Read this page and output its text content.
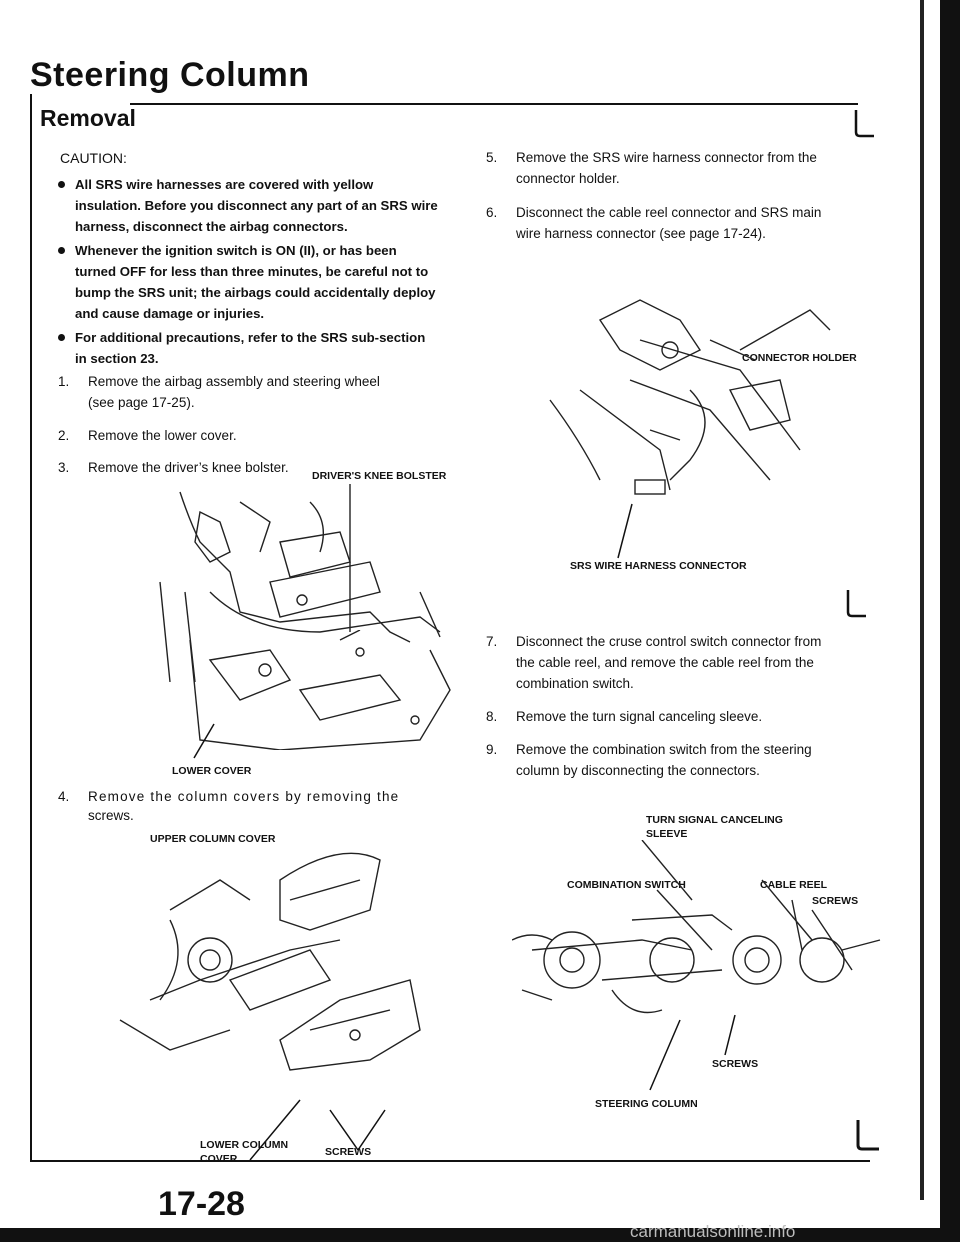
Steering Column
Removal
CAUTION:
All SRS wire harnesses are covered with yellow insulation. Before you disconnect any part of an SRS wire harness, disconnect the airbag connectors.
Whenever the ignition switch is ON (II), or has been turned OFF for less than three minutes, be careful not to bump the SRS unit; the airbags could accidentally deploy and cause damage or injuries.
For additional precautions, refer to the SRS sub-section in section 23.
1. Remove the airbag assembly and steering wheel
(see page 17-25).
2. Remove the lower cover.
3. Remove the driver’s knee bolster.
DRIVER'S KNEE BOLSTER
LOWER COVER
4. Remove the column covers by removing the
screws.
UPPER COLUMN COVER
LOWER COLUMN
COVER
SCREWS
5. Remove the SRS wire harness connector from the
connector holder.
6. Disconnect the cable reel connector and SRS main
wire harness connector (see page 17-24).
CONNECTOR HOLDER
SRS WIRE HARNESS CONNECTOR
7. Disconnect the cruse control switch connector from
the cable reel, and remove the cable reel from the
combination switch.
8. Remove the turn signal canceling sleeve.
9. Remove the combination switch from the steering
column by disconnecting the connectors.
TURN SIGNAL CANCELING
SLEEVE
COMBINATION SWITCH	CABLE REEL
SCREWS
SCREWS
STEERING COLUMN
17-28
carmanualsonline.info
